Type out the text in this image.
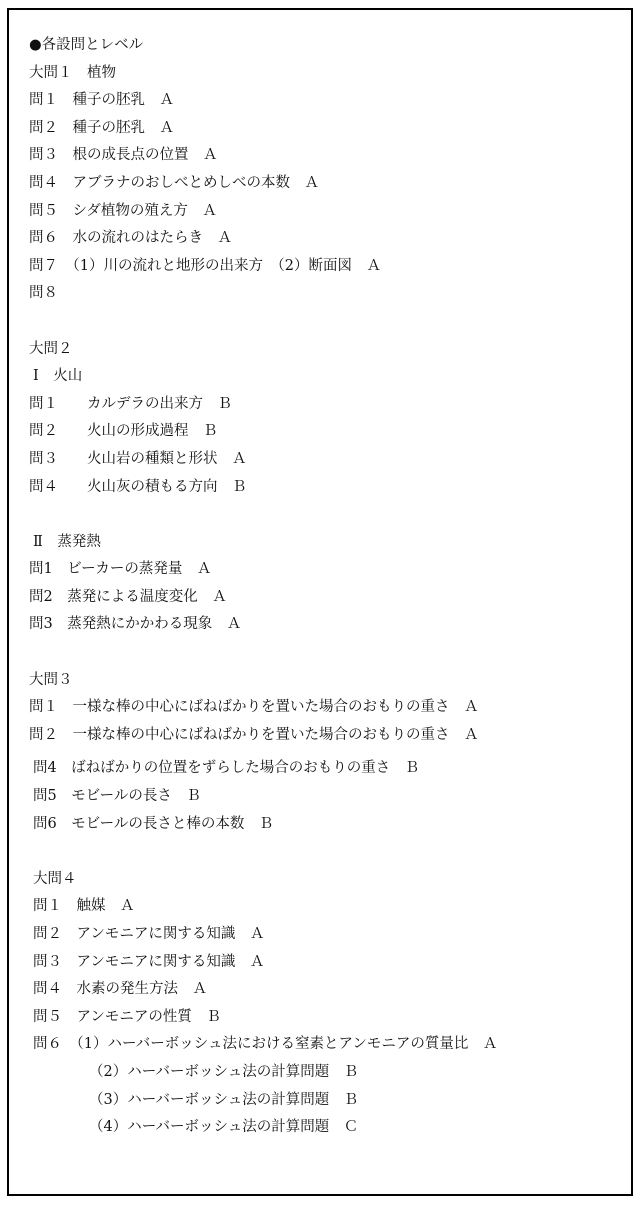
●各設問とレベル
大問１　植物
問１　種子の胚乳　Ａ
問２　種子の胚乳　Ａ
問３　根の成長点の位置　Ａ
問４　アブラナのおしべとめしべの本数　Ａ
問５　シダ植物の殖え方　Ａ
問６　水の流れのはたらき　Ａ
問７　（1）川の流れと地形の出来方　（2）断面図　Ａ
問８
大問２
Ⅰ　火山
問１　　カルデラの出来方　Ｂ
問２　　火山の形成過程　Ｂ
問３　　火山岩の種類と形状　Ａ
問４　　火山灰の積もる方向　Ｂ
Ⅱ　蒸発熱
問1　ビーカーの蒸発量　Ａ
問2　蒸発による温度変化　Ａ
問3　蒸発熱にかかわる現象　Ａ
大問３
問１　一様な棒の中心にばねばかりを置いた場合のおもりの重さ　Ａ
問２　一様な棒の中心にばねばかりを置いた場合のおもりの重さ　Ａ
問4　ばねばかりの位置をずらした場合のおもりの重さ　Ｂ
問5　モビールの長さ　Ｂ
問6　モビールの長さと棒の本数　Ｂ
大問４
問１　触媒　Ａ
問２　アンモニアに関する知識　Ａ
問３　アンモニアに関する知識　Ａ
問４　水素の発生方法　Ａ
問５　アンモニアの性質　Ｂ
問６　（1）ハーバーボッシュ法における窒素とアンモニアの質量比　Ａ
（2）ハーバーボッシュ法の計算問題　Ｂ
（3）ハーバーボッシュ法の計算問題　Ｂ
（4）ハーバーボッシュ法の計算問題　Ｃ
